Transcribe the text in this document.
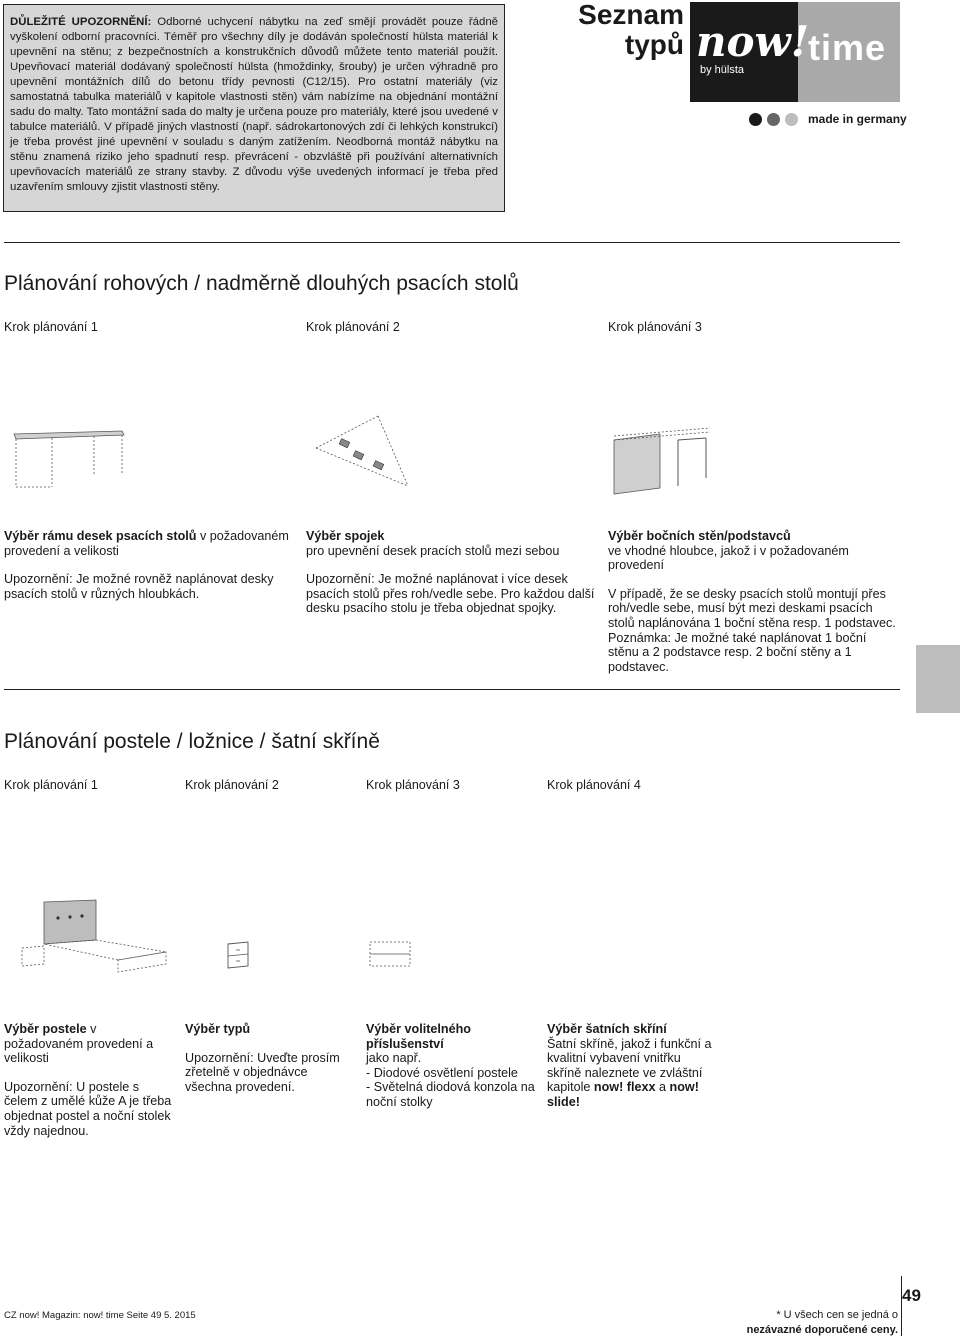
DŮLEŽITÉ UPOZORNĚNÍ: Odborné uchycení nábytku na zeď smějí provádět pouze řádně vyškolení odborní pracovníci. Téměř pro všechny díly je dodáván společností hülsta materiál k upevnění na stěnu; z bezpečnostních a konstrukčních důvodů můžete tento materiál použít. Upevňovací materiál dodávaný společností hülsta (hmoždinky, šrouby) je určen výhradně pro upevnění montážních dílů do betonu třídy pevnosti (C12/15). Pro ostatní materiály (viz samostatná tabulka materiálů v kapitole vlastnosti stěn) vám nabízíme na objednání montážní sadu do malty. Tato montážní sada do malty je určena pouze pro materiály, které jsou uvedené v tabulce materiálů. V případě jiných vlastností (např. sádrokartonových zdí či lehkých konstrukcí) je třeba provést jiné upevnění v souladu s daným zatížením. Neodborná montáž nábytku na stěnu znamená riziko jeho spadnutí resp. převrácení - obzvláště při používání alternativních upevňovacích materiálů ze strany stavby. Z důvodu výše uvedených informací je třeba před uzavřením smlouvy zjistit vlastnosti stěny.
Seznam
typů now!
by hülsta
time
made in germany
Plánování rohových / nadměrně dlouhých psacích stolů
Krok plánování 1	Krok plánování 2	Krok plánování 3

Výběr rámu desek psacích stolů v požadovaném provedení a velikosti

Upozornění: Je možné rovněž naplánovat desky psacích stolů v různých hloubkách.

Výběr spojek
pro upevnění desek pracích stolů mezi sebou

Upozornění: Je možné naplánovat i více desek psacích stolů přes roh/vedle sebe. Pro každou další desku psacího stolu je třeba objednat spojky.

Výběr bočních stěn/podstavců
ve vhodné hloubce, jakož i v požadovaném provedení

V případě, že se desky psacích stolů montují přes roh/vedle sebe, musí být mezi deskami psacích stolů naplánována 1 boční stěna resp. 1 podstavec. Poznámka: Je možné také naplánovat 1 boční stěnu a 2 podstavce resp. 2 boční stěny a 1 podstavec.

Plánování postele / ložnice / šatní skříně
Krok plánování 1	Krok plánování 2	Krok plánování 3	Krok plánování 4

Výběr postele v požadovaném provedení a velikosti

Upozornění: U postele s čelem z umělé kůže A je třeba objednat postel a noční stolek vždy najednou.

Výběr typů

Upozornění: Uveďte prosím zřetelně v objednávce všechna provedení.

Výběr volitelného příslušenství
jako např.
- Diodové osvětlení postele
- Světelná diodová konzola na noční stolky

Výběr šatních skříní
Šatní skříně, jakož i funkční a kvalitní vybavení vnitřku skříně naleznete ve zvláštní kapitole now! flexx a now! slide!

49
CZ now! Magazin: now! time Seite 49 5. 2015	* U všech cen se jedná o
nezávazné doporučené ceny.
